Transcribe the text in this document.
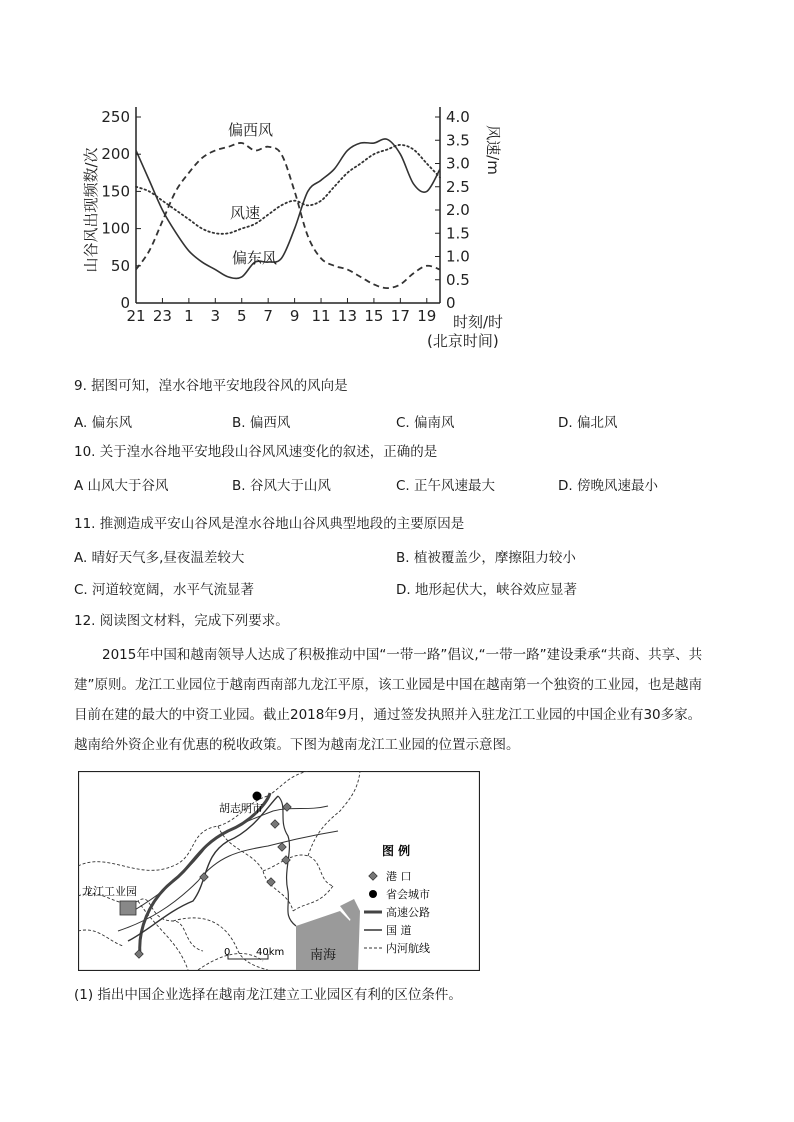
0
50
100
150
200
250
0
0.5
1.0
1.5
2.0
2.5
3.0
3.5
4.0
21 23 1 3 5 7 9 11 13 15 17 19
山谷风出现频数/次	风速/m
时刻/时
(北京时间)
偏西风
风速
偏东风
9. 据图可知，湟水谷地平安地段谷风的风向是
A. 偏东风	B. 偏西风	C. 偏南风	D. 偏北风
10. 关于湟水谷地平安地段山谷风风速变化的叙述，正确的是
A 山风大于谷风	B. 谷风大于山风	C. 正午风速最大	D. 傍晚风速最小
11. 推测造成平安山谷风是湟水谷地山谷风典型地段的主要原因是
A. 晴好天气多,昼夜温差较大	B. 植被覆盖少，摩擦阻力较小
C. 河道较宽阔，水平气流显著	D. 地形起伏大，峡谷效应显著
12. 阅读图文材料，完成下列要求。
2015年中国和越南领导人达成了积极推动中国“一带一路”倡议,“一带一路”建设秉承“共商、共享、共建”原则。龙江工业园位于越南西南部九龙江平原，该工业园是中国在越南第一个独资的工业园，也是越南目前在建的最大的中资工业园。截止2018年9月，通过签发执照并入驻龙江工业园的中国企业有30多家。越南给外资企业有优惠的税收政策。下图为越南龙江工业园的位置示意图。
胡志明市
龙江工业园
南海
0	40km
图 例
港 口
省会城市
高速公路
国 道
内河航线
(1) 指出中国企业选择在越南龙江建立工业园区有利的区位条件。
